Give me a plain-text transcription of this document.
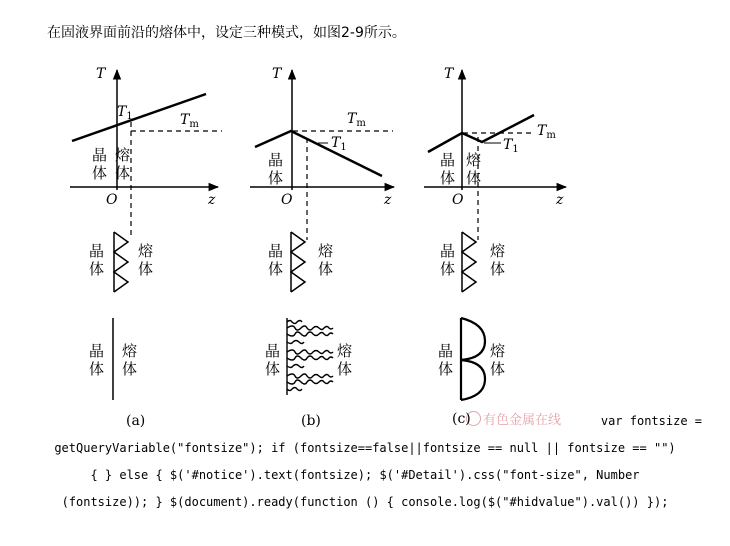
在固液界面前沿的熔体中，设定三种模式，如图2-9所示。
T
O	z
$T_1$	$T_m$
晶
体
熔
体
晶
体
熔
体
晶
体
熔
体
(a)
T
O	z
$T_1$
$T_m$
晶
体
晶
体
熔
体
晶
体
熔
体
(b)
T
O	z
$T_1$
$T_m$
晶
体
熔
体
晶
体
熔
体
晶
体
熔
体
有色金属在线
(c)	var fontsize =
getQueryVariable("fontsize"); if (fontsize==false||fontsize == null || fontsize == "")
{ } else { $('#notice').text(fontsize); $('#Detail').css("font-size", Number
(fontsize)); } $(document).ready(function () { console.log($("#hidvalue").val()) });
